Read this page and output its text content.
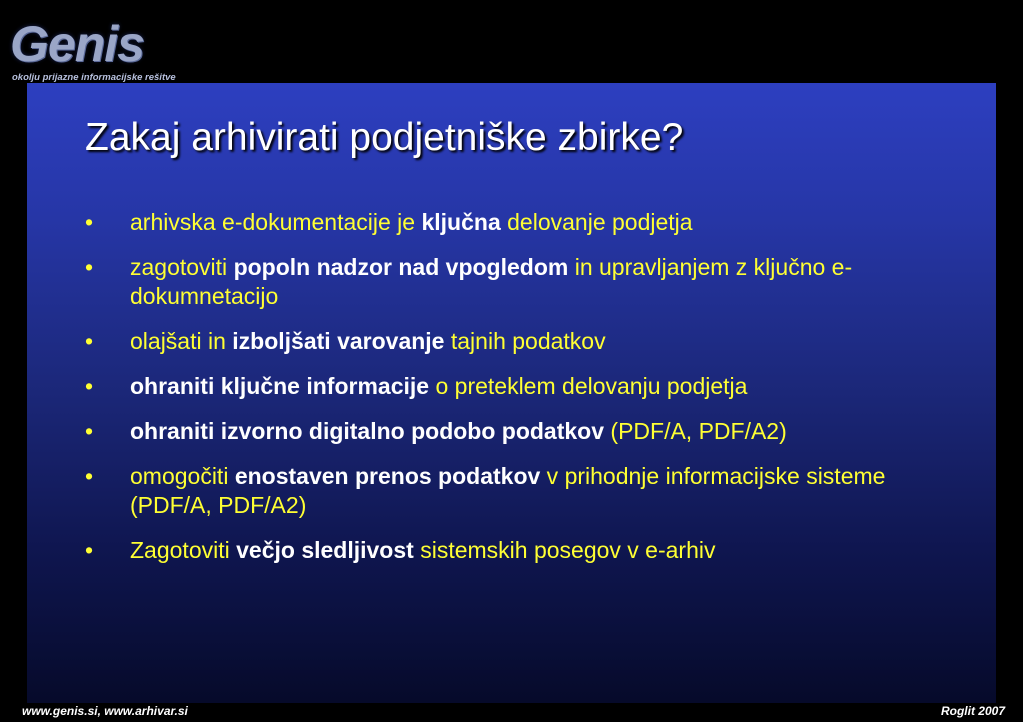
Genis
okolju prijazne informacijske rešitve
Zakaj arhivirati podjetniške zbirke?
• arhivska e-dokumentacije je ključna delovanje podjetja
• zagotoviti popoln nadzor nad vpogledom in upravljanjem z ključno e-dokumnetacijo
• olajšati in izboljšati varovanje tajnih podatkov
• ohraniti ključne informacije o preteklem delovanju podjetja
• ohraniti izvorno digitalno podobo podatkov (PDF/A, PDF/A2)
• omogočiti enostaven prenos podatkov v prihodnje informacijske sisteme (PDF/A, PDF/A2)
• Zagotoviti večjo sledljivost sistemskih posegov v e-arhiv
www.genis.si, www.arhivar.si	Roglit 2007
